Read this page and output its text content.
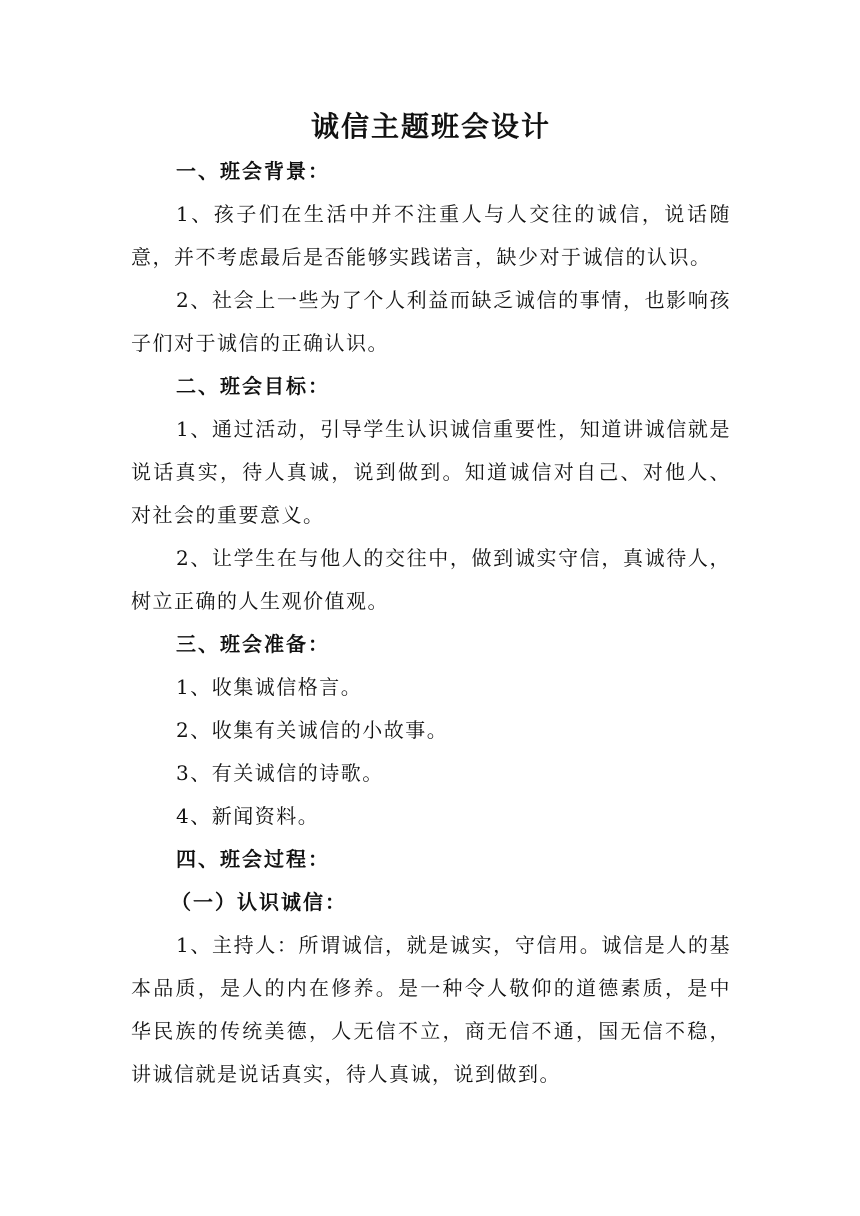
诚信主题班会设计

一、班会背景：

1、孩子们在生活中并不注重人与人交往的诚信，说话随意，并不考虑最后是否能够实践诺言，缺少对于诚信的认识。

2、社会上一些为了个人利益而缺乏诚信的事情，也影响孩子们对于诚信的正确认识。

二、班会目标：

1、通过活动，引导学生认识诚信重要性，知道讲诚信就是说话真实，待人真诚，说到做到。知道诚信对自己、对他人、对社会的重要意义。

2、让学生在与他人的交往中，做到诚实守信，真诚待人，树立正确的人生观价值观。

三、班会准备：

1、收集诚信格言。

2、收集有关诚信的小故事。

3、有关诚信的诗歌。

4、新闻资料。

四、班会过程：

（一）认识诚信：

1、主持人：所谓诚信，就是诚实，守信用。诚信是人的基本品质，是人的内在修养。是一种令人敬仰的道德素质，是中华民族的传统美德，人无信不立，商无信不通，国无信不稳，讲诚信就是说话真实，待人真诚，说到做到。
